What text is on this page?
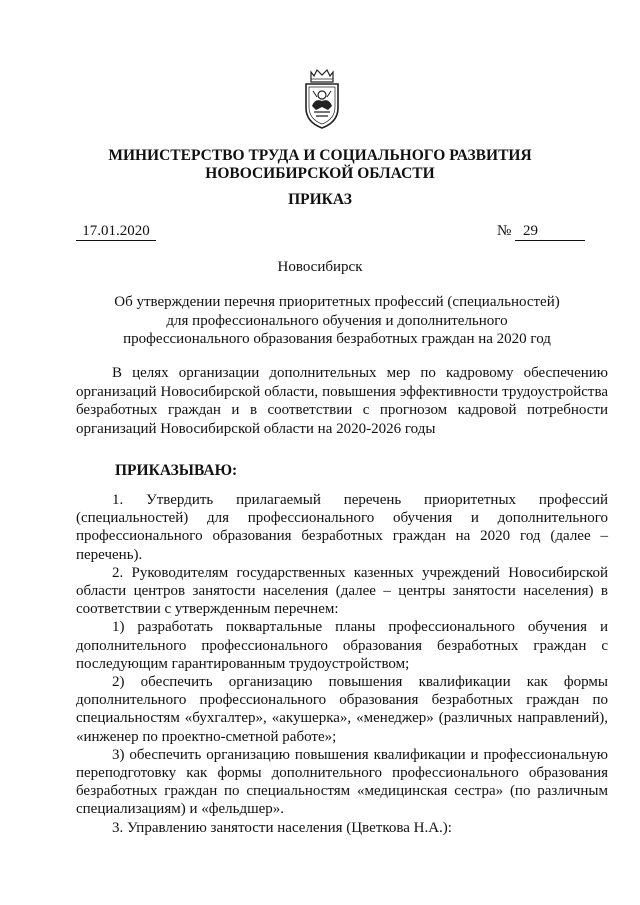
МИНИСТЕРСТВО ТРУДА И СОЦИАЛЬНОГО РАЗВИТИЯ
НОВОСИБИРСКОЙ ОБЛАСТИ
ПРИКАЗ
17.01.2020	№ 29
Новосибирск
Об утверждении перечня приоритетных профессий (специальностей) для профессионального обучения и дополнительного профессионального образования безработных граждан на 2020 год
В целях организации дополнительных мер по кадровому обеспечению организаций Новосибирской области, повышения эффективности трудоустройства безработных граждан и в соответствии с прогнозом кадровой потребности организаций Новосибирской области на 2020-2026 годы
ПРИКАЗЫВАЮ:

1. Утвердить прилагаемый перечень приоритетных профессий (специальностей) для профессионального обучения и дополнительного профессионального образования безработных граждан на 2020 год (далее – перечень).

2. Руководителям государственных казенных учреждений Новосибирской области центров занятости населения (далее – центры занятости населения) в соответствии с утвержденным перечнем:

1) разработать поквартальные планы профессионального обучения и дополнительного профессионального образования безработных граждан с последующим гарантированным трудоустройством;

2) обеспечить организацию повышения квалификации как формы дополнительного профессионального образования безработных граждан по специальностям «бухгалтер», «акушерка», «менеджер» (различных направлений), «инженер по проектно-сметной работе»;

3) обеспечить организацию повышения квалификации и профессиональную переподготовку как формы дополнительного профессионального образования безработных граждан по специальностям «медицинская сестра» (по различным специализациям) и «фельдшер».

3. Управлению занятости населения (Цветкова Н.А.):
